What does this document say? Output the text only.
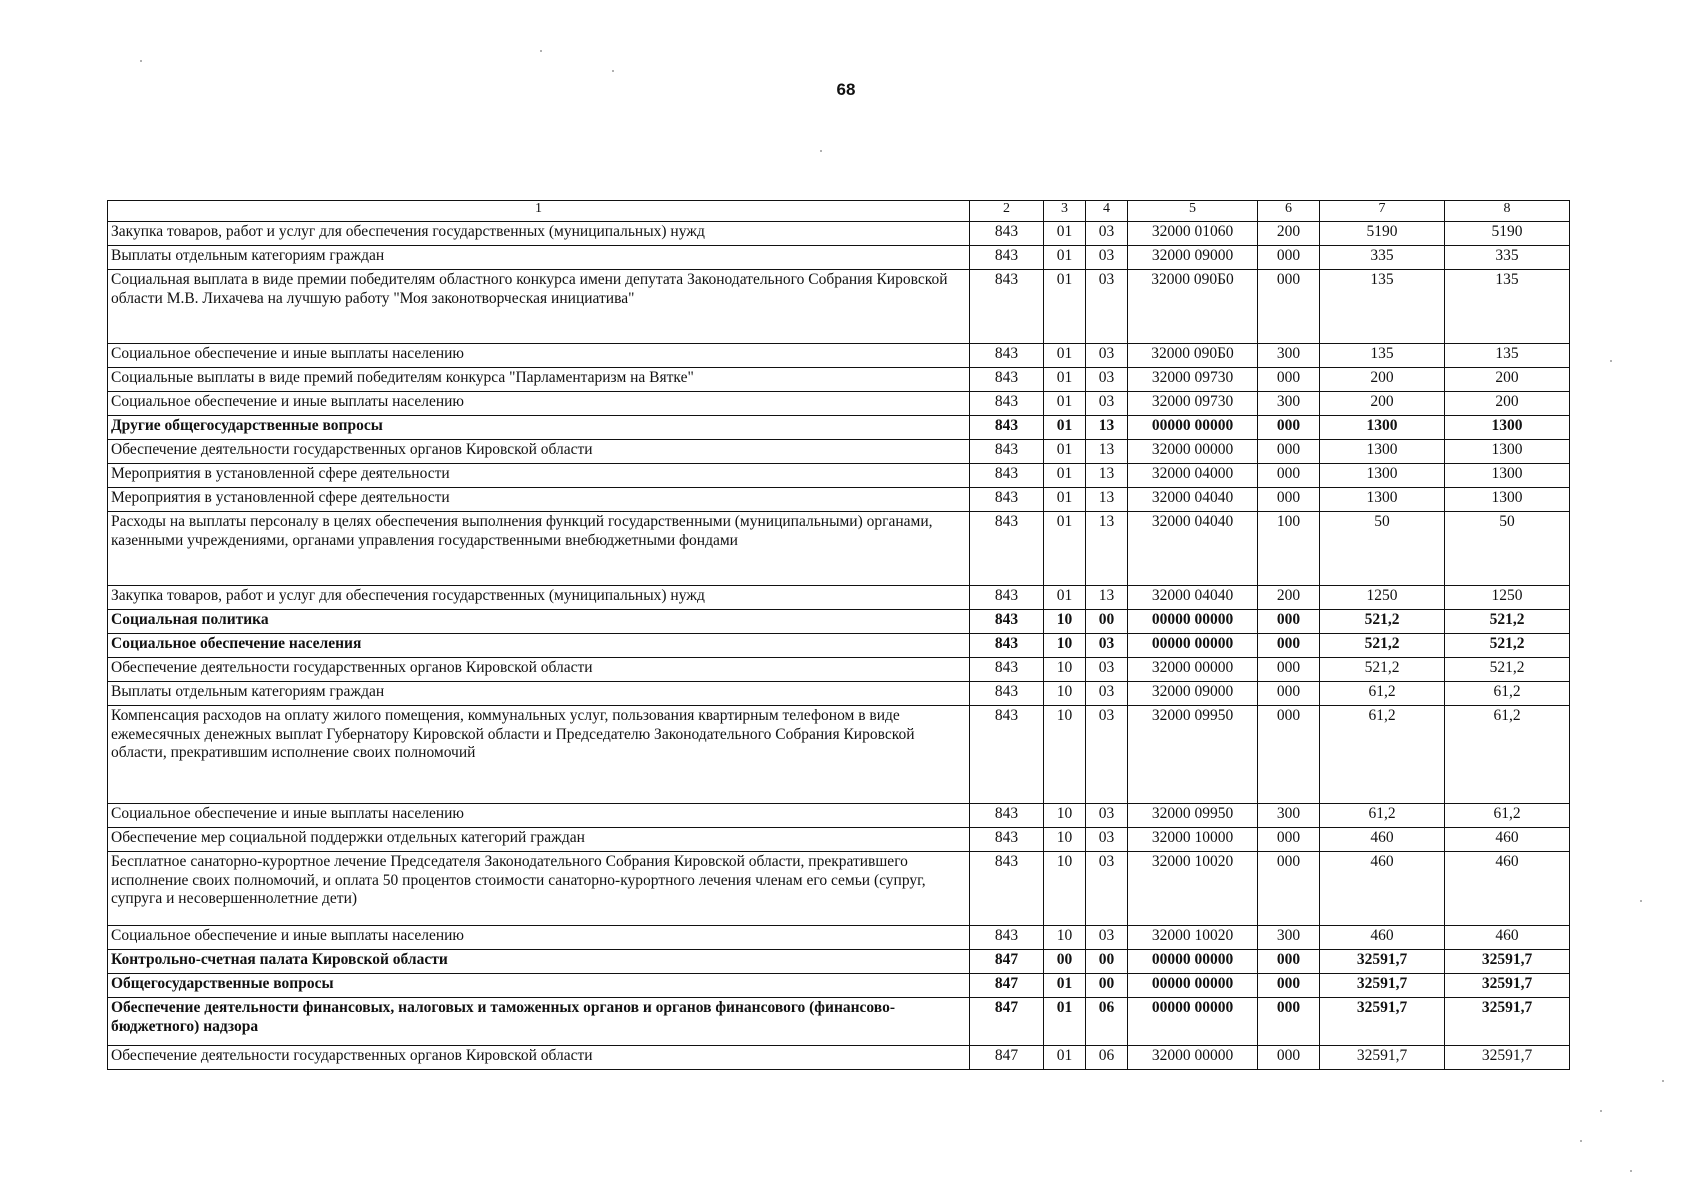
68
1	2	3	4	5	6	7	8
Закупка товаров, работ и услуг для обеспечения государственных (муниципальных) нужд	843	01	03	32000 01060	200	5190	5190
Выплаты отдельным категориям граждан	843	01	03	32000 09000	000	335	335
Социальная выплата в виде премии победителям областного конкурса имени депутата Законодательного Собрания Кировской области М.В. Лихачева на лучшую работу "Моя законотворческая инициатива"	843	01	03	32000 090Б0	000	135	135
Социальное обеспечение и иные выплаты населению	843	01	03	32000 090Б0	300	135	135
Социальные выплаты в виде премий победителям конкурса "Парламентаризм на Вятке"	843	01	03	32000 09730	000	200	200
Социальное обеспечение и иные выплаты населению	843	01	03	32000 09730	300	200	200
Другие общегосударственные вопросы	843	01	13	00000 00000	000	1300	1300
Обеспечение деятельности государственных органов Кировской области	843	01	13	32000 00000	000	1300	1300
Мероприятия в установленной сфере деятельности	843	01	13	32000 04000	000	1300	1300
Мероприятия в установленной сфере деятельности	843	01	13	32000 04040	000	1300	1300
Расходы на выплаты персоналу в целях обеспечения выполнения функций государственными (муниципальными) органами, казенными учреждениями, органами управления государственными внебюджетными фондами	843	01	13	32000 04040	100	50	50
Закупка товаров, работ и услуг для обеспечения государственных (муниципальных) нужд	843	01	13	32000 04040	200	1250	1250
Социальная политика	843	10	00	00000 00000	000	521,2	521,2
Социальное обеспечение населения	843	10	03	00000 00000	000	521,2	521,2
Обеспечение деятельности государственных органов Кировской области	843	10	03	32000 00000	000	521,2	521,2
Выплаты отдельным категориям граждан	843	10	03	32000 09000	000	61,2	61,2
Компенсация расходов на оплату жилого помещения, коммунальных услуг, пользования квартирным телефоном в виде ежемесячных денежных выплат Губернатору Кировской области и Председателю Законодательного Собрания Кировской области, прекратившим исполнение своих полномочий	843	10	03	32000 09950	000	61,2	61,2
Социальное обеспечение и иные выплаты населению	843	10	03	32000 09950	300	61,2	61,2
Обеспечение мер социальной поддержки отдельных категорий граждан	843	10	03	32000 10000	000	460	460
Бесплатное санаторно-курортное лечение Председателя Законодательного Собрания Кировской области, прекратившего исполнение своих полномочий, и оплата 50 процентов стоимости санаторно-курортного лечения членам его семьи (супруг, супруга и несовершеннолетние дети)	843	10	03	32000 10020	000	460	460
Социальное обеспечение и иные выплаты населению	843	10	03	32000 10020	300	460	460
Контрольно-счетная палата Кировской области	847	00	00	00000 00000	000	32591,7	32591,7
Общегосударственные вопросы	847	01	00	00000 00000	000	32591,7	32591,7
Обеспечение деятельности финансовых, налоговых и таможенных органов и органов финансового (финансово-бюджетного) надзора	847	01	06	00000 00000	000	32591,7	32591,7
Обеспечение деятельности государственных органов Кировской области	847	01	06	32000 00000	000	32591,7	32591,7
